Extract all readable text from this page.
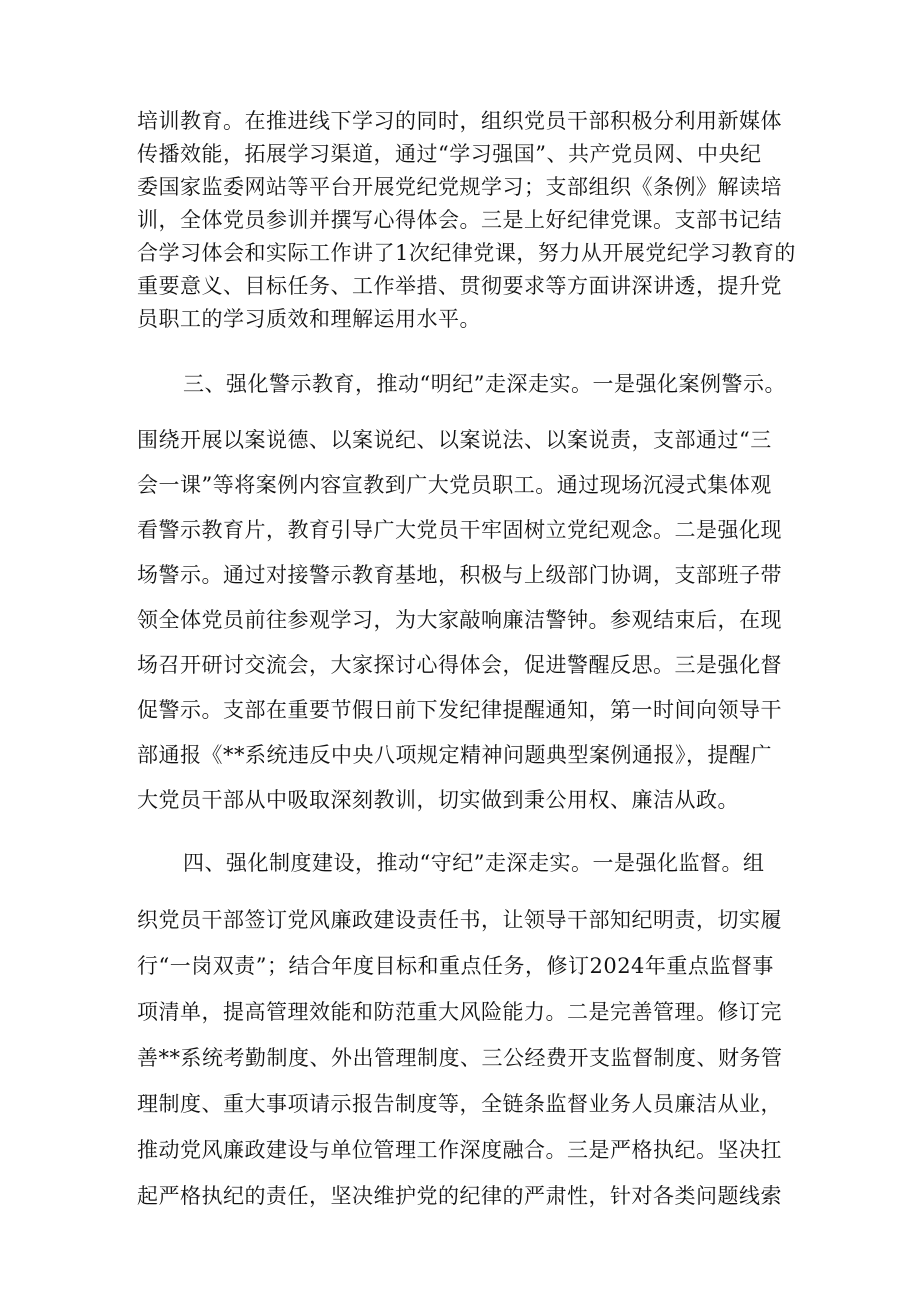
培训教育。在推进线下学习的同时，组织党员干部积极分利用新媒体
传播效能，拓展学习渠道，通过“学习强国”、共产党员网、中央纪
委国家监委网站等平台开展党纪党规学习；支部组织《条例》解读培
训，全体党员参训并撰写心得体会。三是上好纪律党课。支部书记结
合学习体会和实际工作讲了1次纪律党课，努力从开展党纪学习教育的
重要意义、目标任务、工作举措、贯彻要求等方面讲深讲透，提升党
员职工的学习质效和理解运用水平。
三、强化警示教育，推动“明纪”走深走实。一是强化案例警示。
围绕开展以案说德、以案说纪、以案说法、以案说责，支部通过“三
会一课”等将案例内容宣教到广大党员职工。通过现场沉浸式集体观
看警示教育片，教育引导广大党员干牢固树立党纪观念。二是强化现
场警示。通过对接警示教育基地，积极与上级部门协调，支部班子带
领全体党员前往参观学习，为大家敲响廉洁警钟。参观结束后，在现
场召开研讨交流会，大家探讨心得体会，促进警醒反思。三是强化督
促警示。支部在重要节假日前下发纪律提醒通知，第一时间向领导干
部通报《**系统违反中央八项规定精神问题典型案例通报》，提醒广
大党员干部从中吸取深刻教训，切实做到秉公用权、廉洁从政。
四、强化制度建设，推动“守纪”走深走实。一是强化监督。组
织党员干部签订党风廉政建设责任书，让领导干部知纪明责，切实履
行“一岗双责”；结合年度目标和重点任务，修订2024年重点监督事
项清单，提高管理效能和防范重大风险能力。二是完善管理。修订完
善**系统考勤制度、外出管理制度、三公经费开支监督制度、财务管
理制度、重大事项请示报告制度等，全链条监督业务人员廉洁从业，
推动党风廉政建设与单位管理工作深度融合。三是严格执纪。坚决扛
起严格执纪的责任，坚决维护党的纪律的严肃性，针对各类问题线索
